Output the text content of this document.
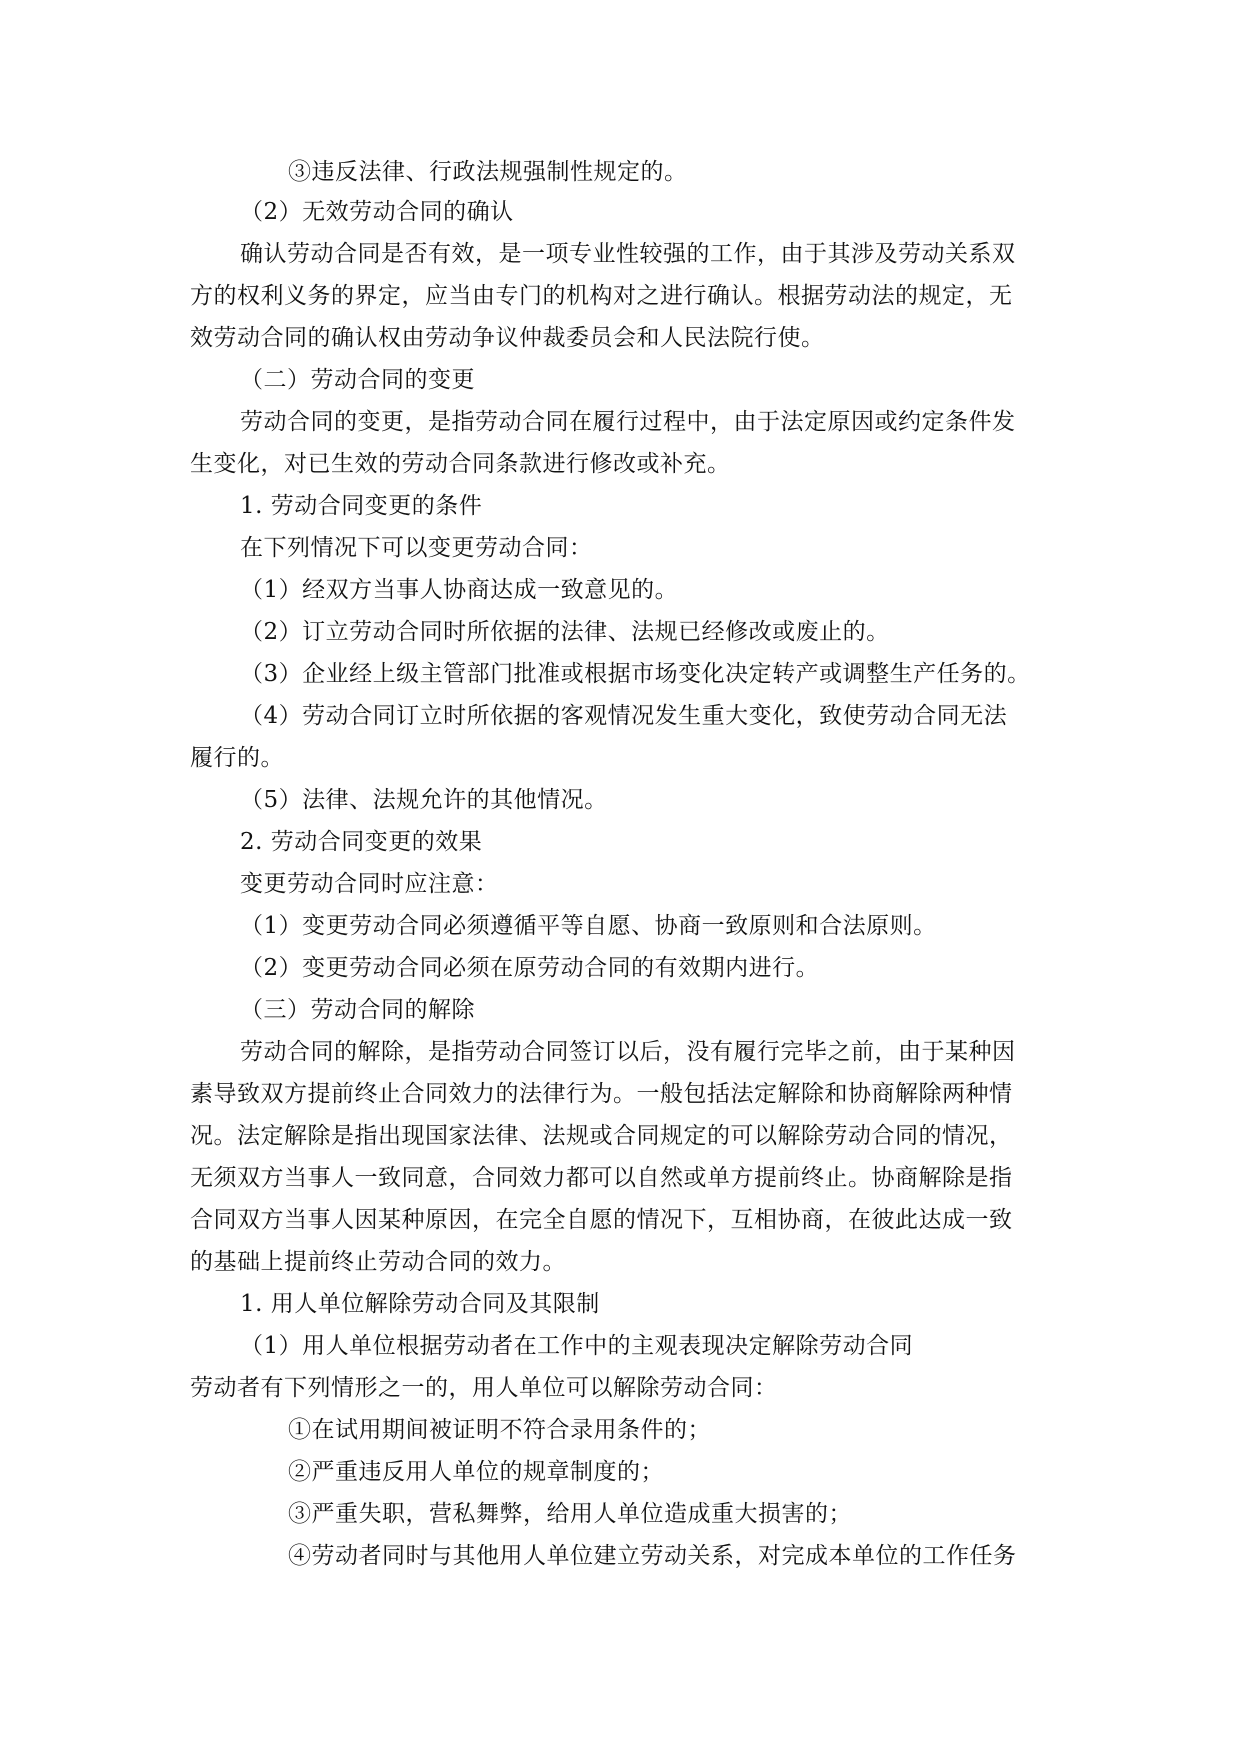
③违反法律、行政法规强制性规定的。
（2）无效劳动合同的确认
确认劳动合同是否有效，是一项专业性较强的工作，由于其涉及劳动关系双
方的权利义务的界定，应当由专门的机构对之进行确认。根据劳动法的规定，无
效劳动合同的确认权由劳动争议仲裁委员会和人民法院行使。
（二）劳动合同的变更
劳动合同的变更，是指劳动合同在履行过程中，由于法定原因或约定条件发
生变化，对已生效的劳动合同条款进行修改或补充。
1. 劳动合同变更的条件
在下列情况下可以变更劳动合同：
（1）经双方当事人协商达成一致意见的。
（2）订立劳动合同时所依据的法律、法规已经修改或废止的。
（3）企业经上级主管部门批准或根据市场变化决定转产或调整生产任务的。
（4）劳动合同订立时所依据的客观情况发生重大变化，致使劳动合同无法
履行的。
（5）法律、法规允许的其他情况。
2. 劳动合同变更的效果
变更劳动合同时应注意：
（1）变更劳动合同必须遵循平等自愿、协商一致原则和合法原则。
（2）变更劳动合同必须在原劳动合同的有效期内进行。
（三）劳动合同的解除
劳动合同的解除，是指劳动合同签订以后，没有履行完毕之前，由于某种因
素导致双方提前终止合同效力的法律行为。一般包括法定解除和协商解除两种情
况。法定解除是指出现国家法律、法规或合同规定的可以解除劳动合同的情况，
无须双方当事人一致同意，合同效力都可以自然或单方提前终止。协商解除是指
合同双方当事人因某种原因，在完全自愿的情况下，互相协商，在彼此达成一致
的基础上提前终止劳动合同的效力。
1. 用人单位解除劳动合同及其限制
（1）用人单位根据劳动者在工作中的主观表现决定解除劳动合同
劳动者有下列情形之一的，用人单位可以解除劳动合同：
①在试用期间被证明不符合录用条件的；
②严重违反用人单位的规章制度的；
③严重失职，营私舞弊，给用人单位造成重大损害的；
④劳动者同时与其他用人单位建立劳动关系，对完成本单位的工作任务
